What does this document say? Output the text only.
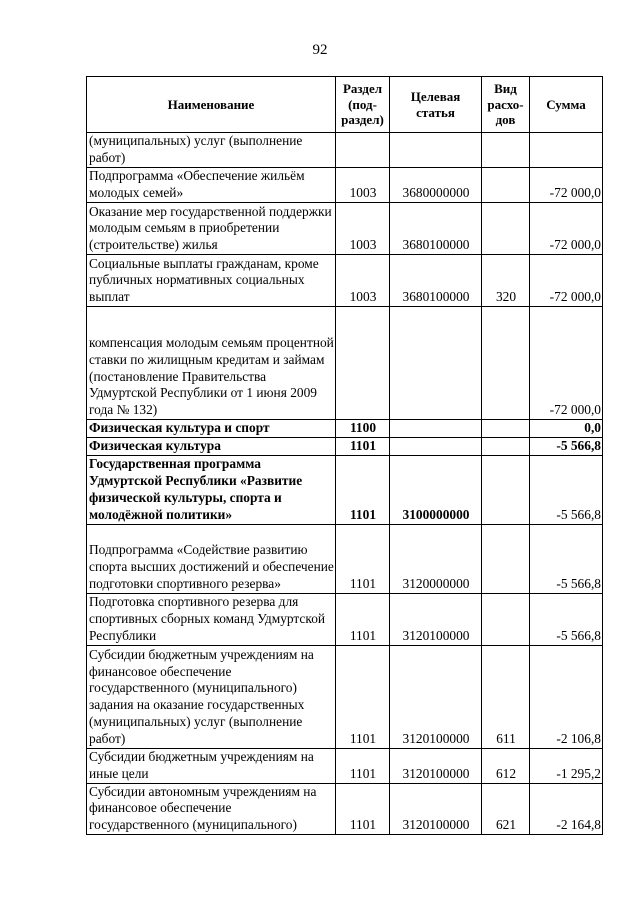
92
Наименование	Раздел (под-раздел)	Целевая статья	Вид расхо-дов	Сумма
(муниципальных) услуг (выполнение работ)				
Подпрограмма «Обеспечение жильём молодых семей»	1003	3680000000		-72 000,0
Оказание мер государственной поддержки молодым семьям в приобретении (строительстве) жилья	1003	3680100000		-72 000,0
Социальные выплаты гражданам, кроме публичных нормативных социальных выплат	1003	3680100000	320	-72 000,0
компенсация молодым семьям процентной ставки по жилищным кредитам и займам (постановление Правительства Удмуртской Республики от 1 июня 2009 года № 132)				-72 000,0
Физическая культура и спорт	1100			0,0
Физическая культура	1101			-5 566,8
Государственная программа Удмуртской Республики «Развитие физической культуры, спорта и молодёжной политики»	1101	3100000000		-5 566,8
Подпрограмма «Содействие развитию спорта высших достижений и обеспечение подготовки спортивного резерва»	1101	3120000000		-5 566,8
Подготовка спортивного резерва для спортивных сборных команд Удмуртской Республики	1101	3120100000		-5 566,8
Субсидии бюджетным учреждениям на финансовое обеспечение государственного (муниципального) задания на оказание государственных (муниципальных) услуг (выполнение работ)	1101	3120100000	611	-2 106,8
Субсидии бюджетным учреждениям на иные цели	1101	3120100000	612	-1 295,2
Субсидии автономным учреждениям на финансовое обеспечение государственного (муниципального)	1101	3120100000	621	-2 164,8
